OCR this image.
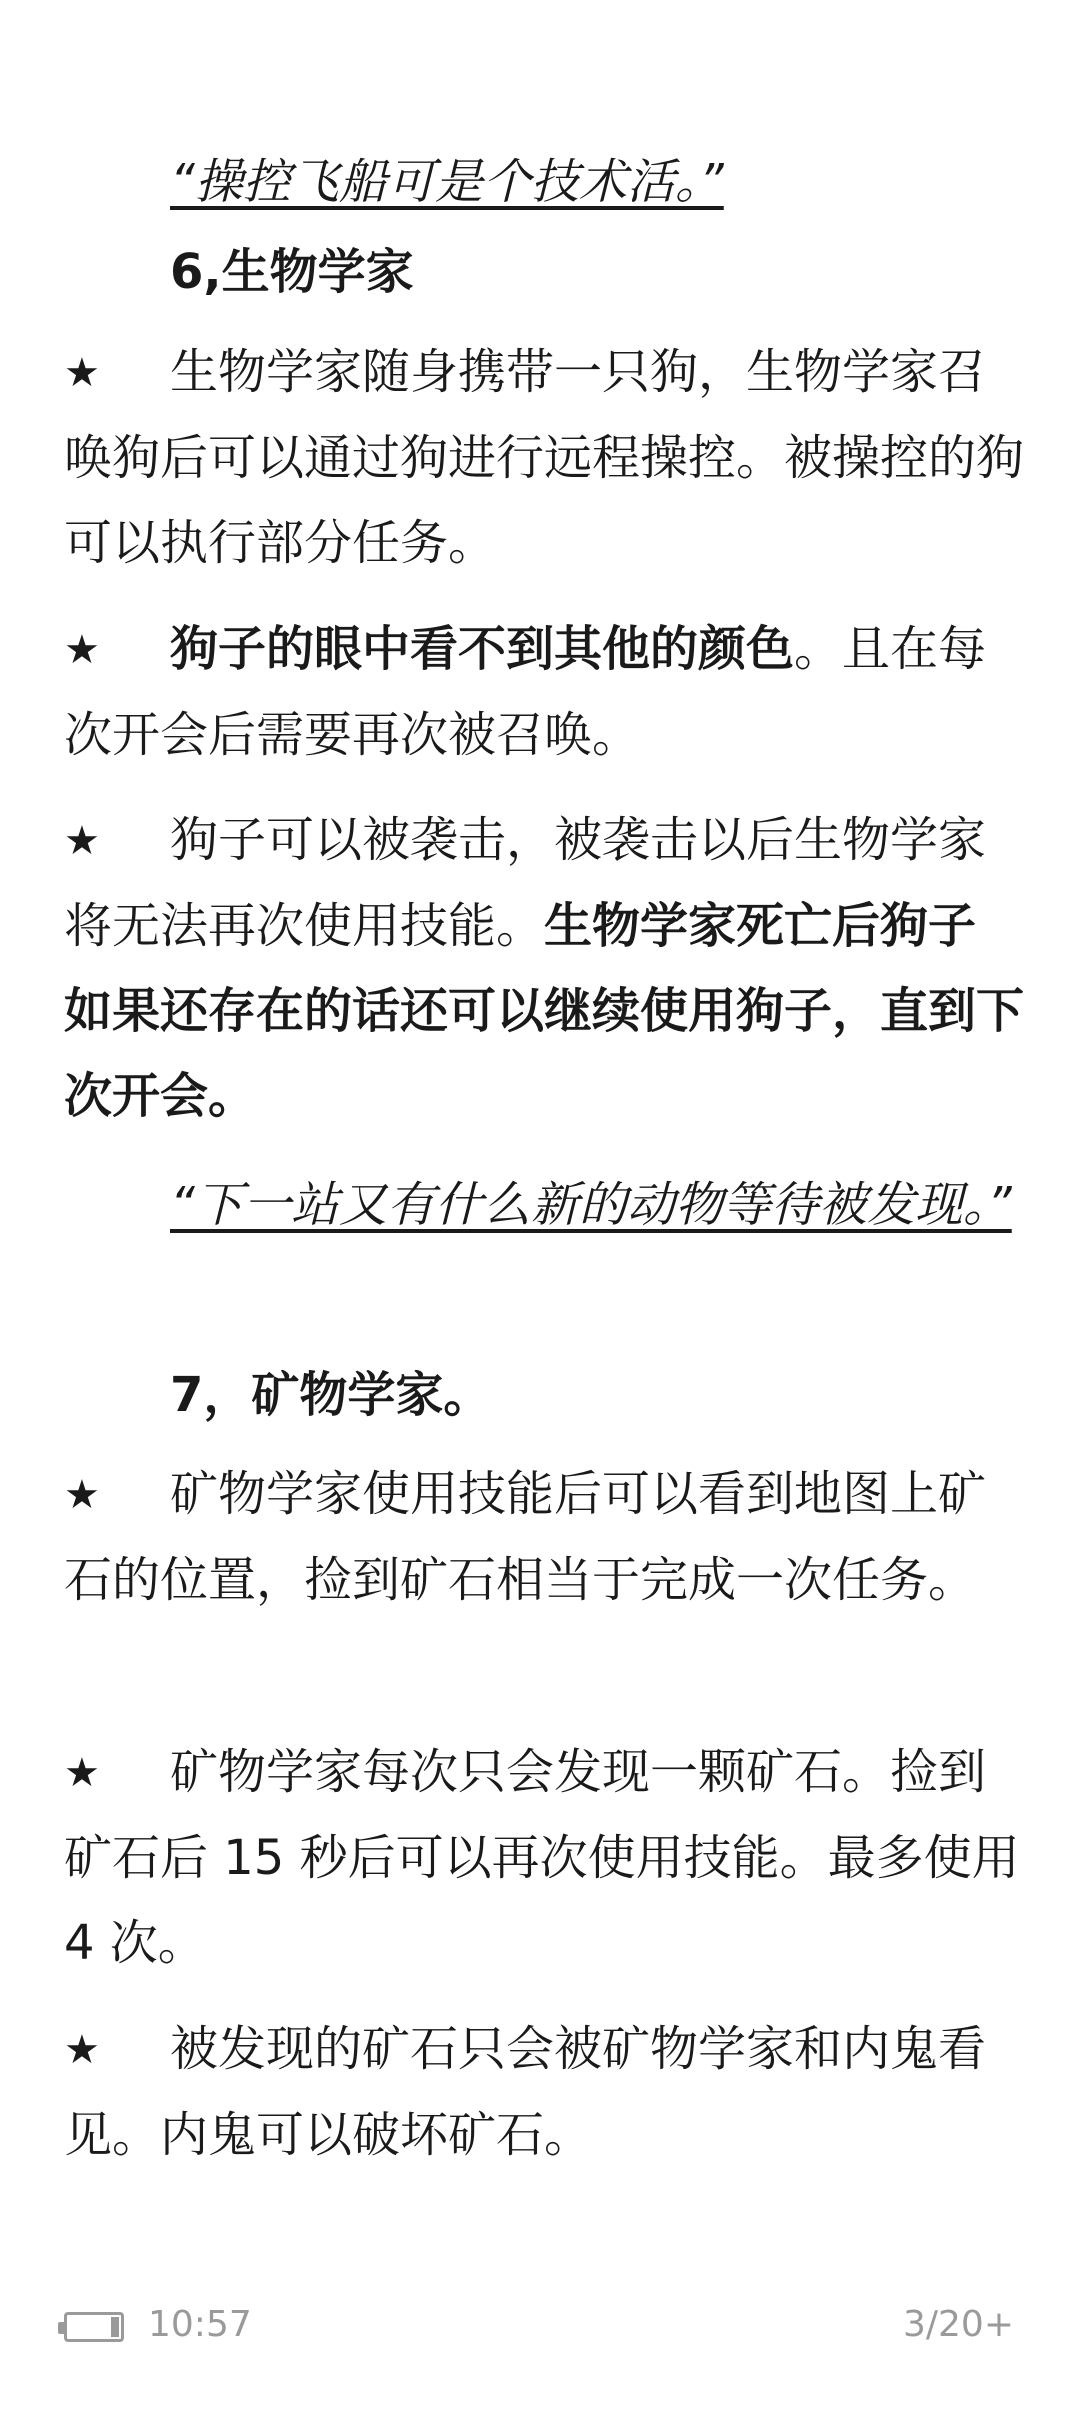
“操控飞船可是个技术活。”
6,生物学家
★ 生物学家随身携带一只狗，生物学家召唤狗后可以通过狗进行远程操控。被操控的狗可以执行部分任务。
★ 狗子的眼中看不到其他的颜色。且在每次开会后需要再次被召唤。
★ 狗子可以被袭击，被袭击以后生物学家将无法再次使用技能。生物学家死亡后狗子如果还存在的话还可以继续使用狗子，直到下次开会。
“下一站又有什么新的动物等待被发现。”
7，矿物学家。
★ 矿物学家使用技能后可以看到地图上矿石的位置，捡到矿石相当于完成一次任务。
★ 矿物学家每次只会发现一颗矿石。捡到矿石后 15 秒后可以再次使用技能。最多使用 4 次。
★ 被发现的矿石只会被矿物学家和内鬼看见。内鬼可以破坏矿石。
10:57	3/20+
